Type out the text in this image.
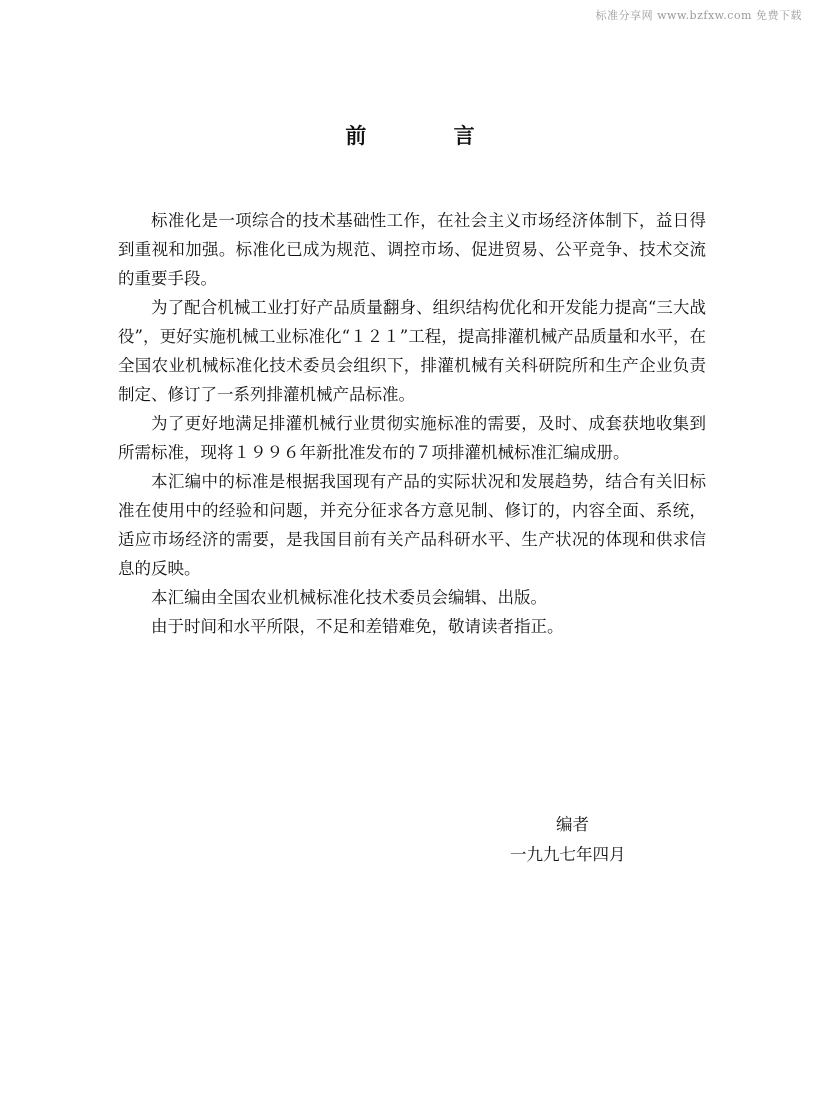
标准分享网 www.bzfxw.com 免费下载
前 言

标准化是一项综合的技术基础性工作，在社会主义市场经济体制下，益日得到重视和加强。标准化已成为规范、调控市场、促进贸易、公平竞争、技术交流的重要手段。

为了配合机械工业打好产品质量翻身、组织结构优化和开发能力提高“三大战役”，更好实施机械工业标准化“１２１”工程，提高排灌机械产品质量和水平，在全国农业机械标准化技术委员会组织下，排灌机械有关科研院所和生产企业负责制定、修订了一系列排灌机械产品标准。

为了更好地满足排灌机械行业贯彻实施标准的需要，及时、成套获地收集到所需标准，现将１９９６年新批准发布的７项排灌机械标准汇编成册。

本汇编中的标准是根据我国现有产品的实际状况和发展趋势，结合有关旧标准在使用中的经验和问题，并充分征求各方意见制、修订的，内容全面、系统，适应市场经济的需要，是我国目前有关产品科研水平、生产状况的体现和供求信息的反映。

本汇编由全国农业机械标准化技术委员会编辑、出版。

由于时间和水平所限，不足和差错难免，敬请读者指正。

编者
一九九七年四月
